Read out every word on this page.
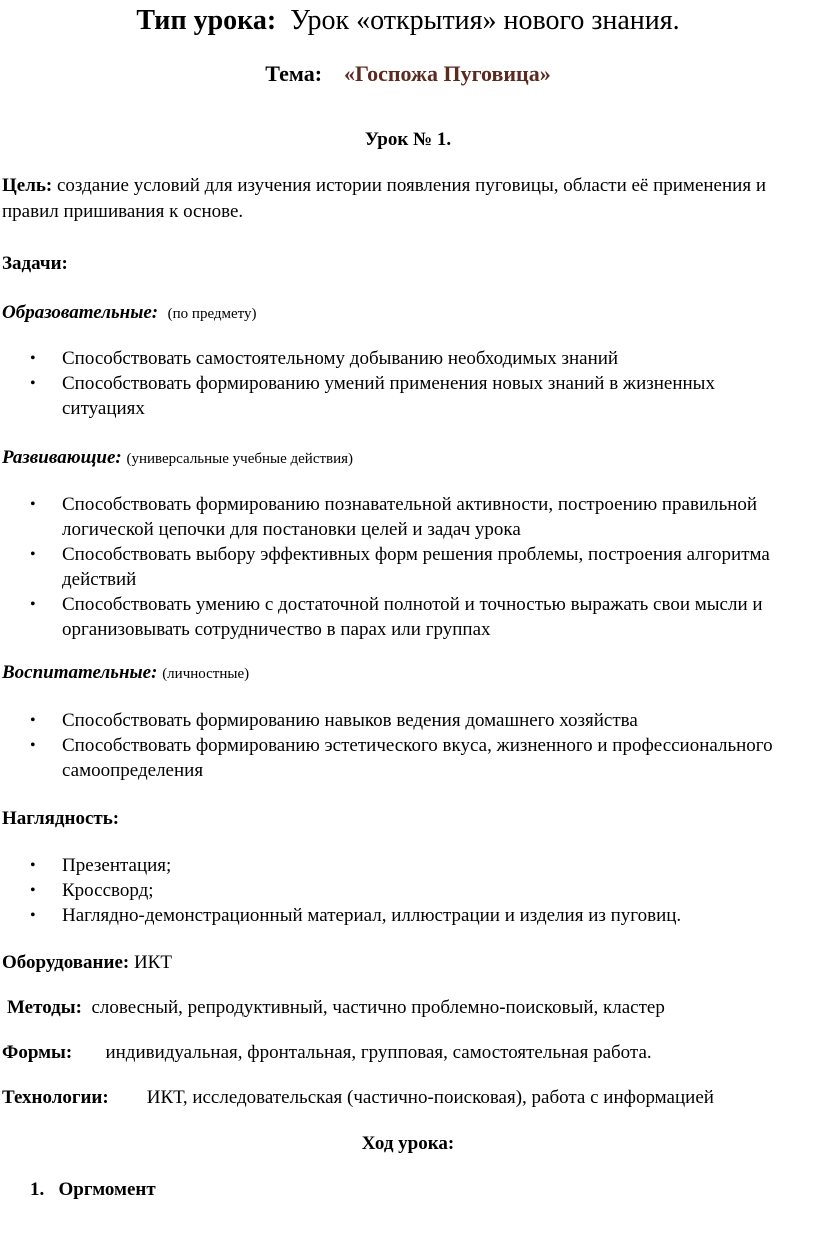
Тип урока: Урок «открытия» нового знания.
Тема: «Госпожа Пуговица»
Урок № 1.
Цель: создание условий для изучения истории появления пуговицы, области её применения и правил пришивания к основе.
Задачи:
Образовательные: (по предмету)
• Способствовать самостоятельному добыванию необходимых знаний
• Способствовать формированию умений применения новых знаний в жизненных ситуациях
Развивающие: (универсальные учебные действия)
• Способствовать формированию познавательной активности, построению правильной логической цепочки для постановки целей и задач урока
• Способствовать выбору эффективных форм решения проблемы, построения алгоритма действий
• Способствовать умению с достаточной полнотой и точностью выражать свои мысли и организовывать сотрудничество в парах или группах
Воспитательные: (личностные)
• Способствовать формированию навыков ведения домашнего хозяйства
• Способствовать формированию эстетического вкуса, жизненного и профессионального самоопределения
Наглядность:
• Презентация;
• Кроссворд;
• Наглядно-демонстрационный материал, иллюстрации и изделия из пуговиц.
Оборудование: ИКТ
Методы: словесный, репродуктивный, частично проблемно-поисковый, кластер
Формы: индивидуальная, фронтальная, групповая, самостоятельная работа.
Технологии: ИКТ, исследовательская (частично-поисковая), работа с информацией
Ход урока:
1. Оргмомент
